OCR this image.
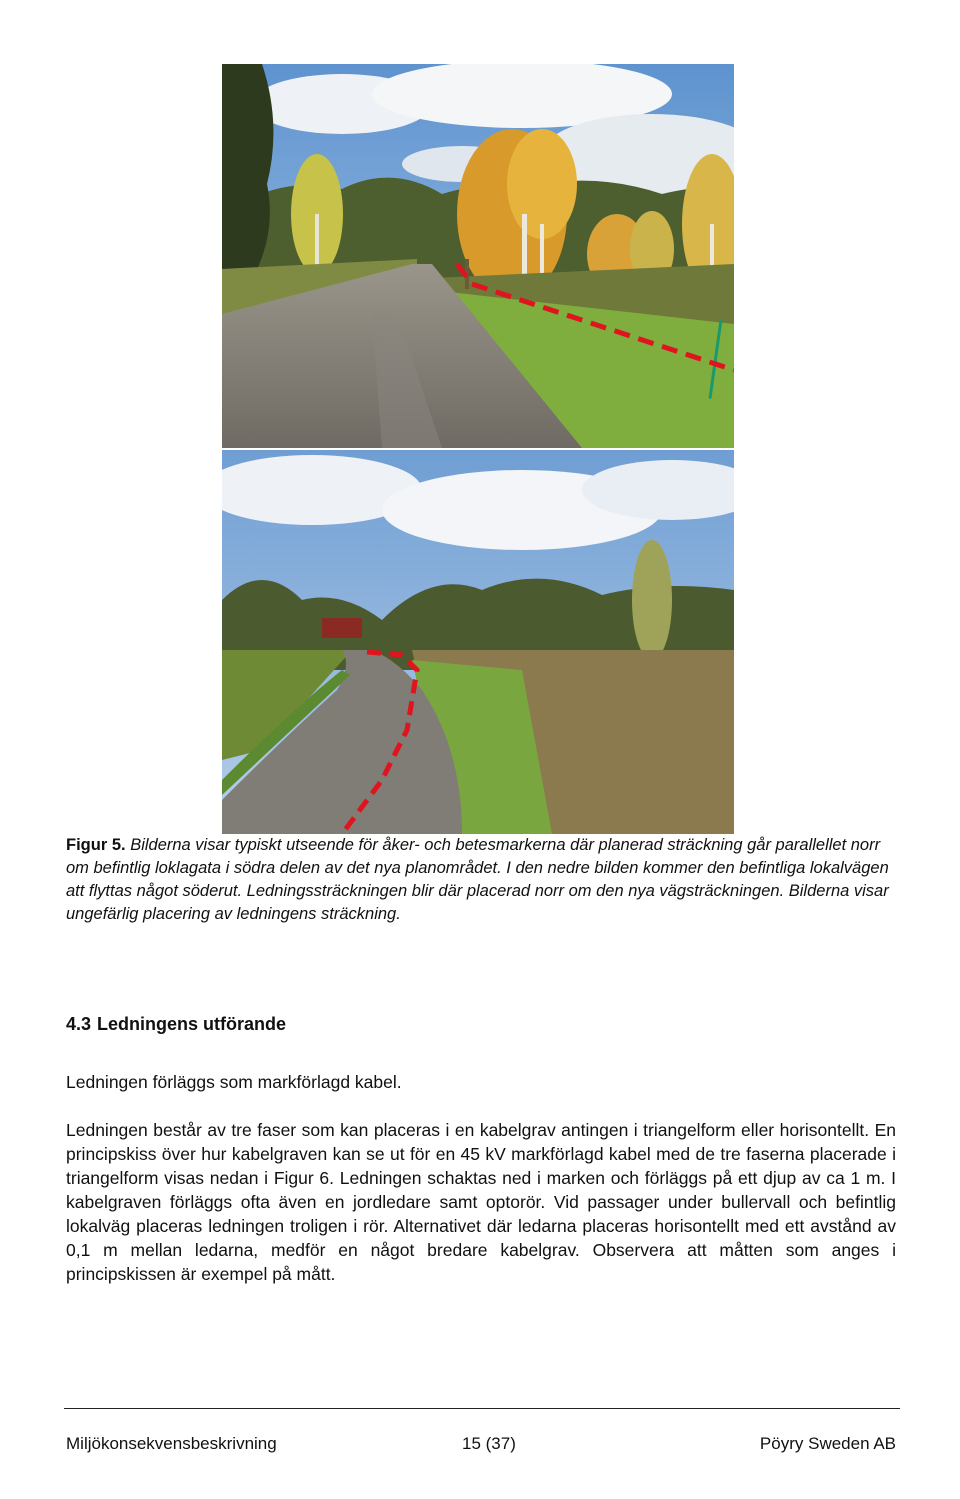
Figur 5. Bilderna visar typiskt utseende för åker- och betesmarkerna där planerad sträckning går parallellet norr om befintlig loklagata i södra delen av det nya planområdet. I den nedre bilden kommer den befintliga lokalvägen att flyttas något söderut. Ledningssträckningen blir där placerad norr om den nya vägsträckningen. Bilderna visar ungefärlig placering av ledningens sträckning.
4.3 Ledningens utförande
Ledningen förläggs som markförlagd kabel.
Ledningen består av tre faser som kan placeras i en kabelgrav antingen i triangelform eller horisontellt. En principskiss över hur kabelgraven kan se ut för en 45 kV markförlagd kabel med de tre faserna placerade i triangelform visas nedan i Figur 6. Ledningen schaktas ned i marken och förläggs på ett djup av ca 1 m. I kabelgraven förläggs ofta även en jordledare samt optorör. Vid passager under bullervall och befintlig lokalväg placeras ledningen troligen i rör. Alternativet där ledarna placeras horisontellt med ett avstånd av 0,1 m mellan ledarna, medför en något bredare kabelgrav. Observera att måtten som anges i principskissen är exempel på mått.
Miljökonsekvensbeskrivning	15 (37)	Pöyry Sweden AB
